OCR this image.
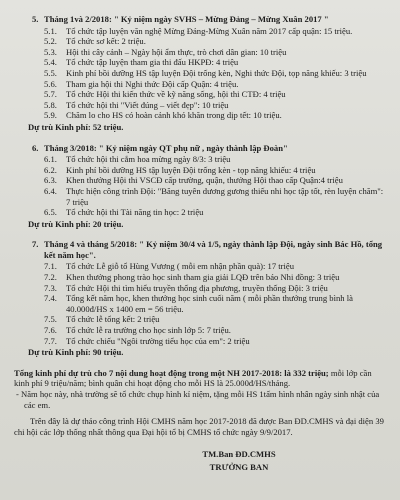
5. Tháng 1và 2/2018: " Kỷ niệm ngày SVHS – Mừng Đảng – Mừng Xuân 2017 "
5.1. Tổ chức tập luyện văn nghệ Mừng Đảng-Mừng Xuân năm 2017 cấp quận: 15 triệu.
5.2. Tổ chức sơ kết: 2 triệu.
5.3. Hội thi cây cảnh – Ngày hội ẩm thực, trò chơi dân gian: 10 triệu
5.4. Tổ chức tập luyện tham gia thi đấu HKPĐ: 4 triệu
5.5. Kinh phí bồi dưỡng HS tập luyện Đội trống kèn, Nghi thức Đội, tọp năng khiếu: 3 triệu
5.6. Tham gia hội thi Nghi thức Đội cấp Quận: 4 triệu.
5.7. Tổ chức Hội thi kiến thức về kỹ năng sống, hội thi CTĐ: 4 triệu
5.8. Tổ chức hội thi "Viết đúng – viết đẹp": 10 triệu
5.9. Chăm lo cho HS có hoàn cảnh khó khăn trong dịp tết: 10 triệu.
Dự trù Kinh phí: 52 triệu.
6. Tháng 3/2018: " Kỷ niệm ngày QT phụ nữ , ngày thành lập Đoàn"
6.1. Tổ chức hội thi cắm hoa mừng ngày 8/3: 3 triệu
6.2. Kinh phí bồi dưỡng HS tập luyện Đội trống kèn - tọp năng khiếu: 4 triệu
6.3. Khen thưởng Hội thi VSCĐ cấp trường, quận, thưởng Hội thao cấp Quận:4 triệu
6.4. Thực hiện công trình Đội: "Băng tuyên dương gương thiếu nhi học tập tốt, rèn luyện chăm": 7 triệu
6.5. Tổ chức hội thi Tài năng tin học: 2 triệu
Dự trù Kinh phí: 20 triệu.
7. Tháng 4 và tháng 5/2018: " Kỷ niệm 30/4 và 1/5, ngày thành lập Đội, ngày sinh Bác Hồ, tổng kết năm học".
7.1. Tổ chức Lễ giỗ tổ Hùng Vương ( mỗi em nhận phần quà): 17 triệu
7.2. Khen thưởng phong trào học sinh tham gia giải LQĐ trên báo Nhi đồng: 3 triệu
7.3. Tổ chức Hội thi tìm hiểu truyền thống địa phương, truyền thống Đội: 3 triệu
7.4. Tổng kết năm học, khen thưởng học sinh cuối năm ( mỗi phần thưởng trung bình là 40.000đ/HS x 1400 em = 56 triệu.
7.5. Tổ chức lễ tổng kết: 2 triệu
7.6. Tổ chức lễ ra trường cho học sinh lớp 5: 7 triệu.
7.7. Tổ chức chiếu "Ngôi trường tiểu học của em": 2 triệu
Dự trù Kinh phí: 90 triệu.
Tổng kinh phí dự trù cho 7 nội dung hoạt động trong một NH 2017-2018: là 332 triệu; mỗi lớp cần kinh phí 9 triệu/năm; bình quân chi hoạt động cho mỗi HS là 25.000đ/HS/tháng.
- Năm học này, nhà trường sẽ tổ chức chụp hình kỉ niệm, tặng mỗi HS 1tấm hình nhân ngày sinh nhật của các em.
Trên đây là dự thảo công trình Hội CMHS năm học 2017-2018 đã được Ban ĐD.CMHS và đại diện 39 chi hội các lớp thống nhất thông qua Đại hội tổ bị CMHS tổ chức ngày 9/9/2017.
TM.Ban ĐD.CMHS
TRƯỞNG BAN
